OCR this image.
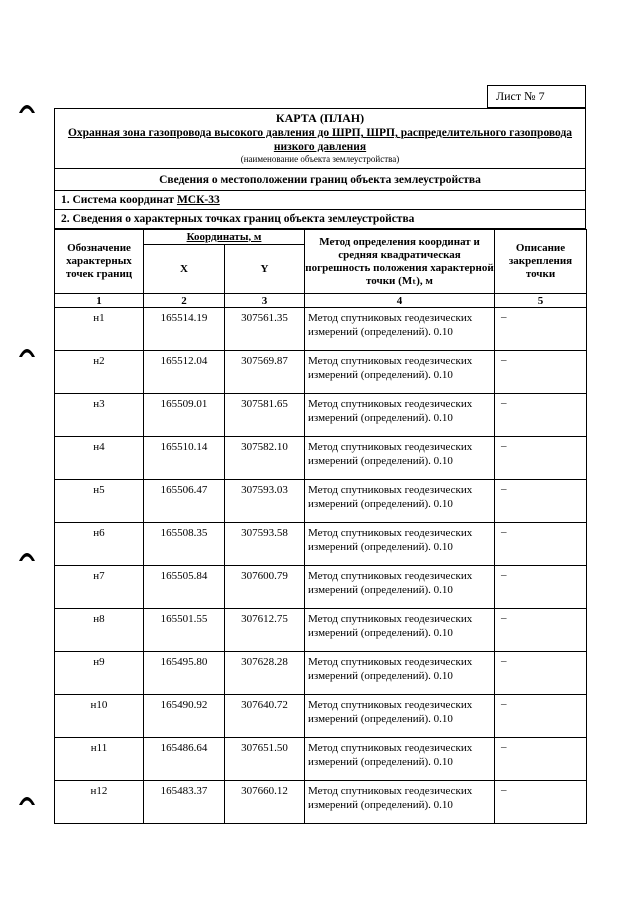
Лист № 7
КАРТА (ПЛАН)
Охранная зона газопровода высокого давления до ШРП, ШРП, распределительного газопровода низкого давления
(наименование объекта землеустройства)
Сведения о местоположении границ объекта землеустройства
1. Система координат МСК-33
2. Сведения о характерных точках границ объекта землеустройства
Обозначение характерных точек границ	Координаты, м		Метод определения координат и средняя квадратическая погрешность положения характерной точки (Mₜ), м	Описание закрепления точки
	X	Y		
1	2	3	4	5
н1	165514.19	307561.35	Метод спутниковых геодезических измерений (определений). 0.10	–
н2	165512.04	307569.87	Метод спутниковых геодезических измерений (определений). 0.10	–
н3	165509.01	307581.65	Метод спутниковых геодезических измерений (определений). 0.10	–
н4	165510.14	307582.10	Метод спутниковых геодезических измерений (определений). 0.10	–
н5	165506.47	307593.03	Метод спутниковых геодезических измерений (определений). 0.10	–
н6	165508.35	307593.58	Метод спутниковых геодезических измерений (определений). 0.10	–
н7	165505.84	307600.79	Метод спутниковых геодезических измерений (определений). 0.10	–
н8	165501.55	307612.75	Метод спутниковых геодезических измерений (определений). 0.10	–
н9	165495.80	307628.28	Метод спутниковых геодезических измерений (определений). 0.10	–
н10	165490.92	307640.72	Метод спутниковых геодезических измерений (определений). 0.10	–
н11	165486.64	307651.50	Метод спутниковых геодезических измерений (определений). 0.10	–
н12	165483.37	307660.12	Метод спутниковых геодезических измерений (определений). 0.10	–
